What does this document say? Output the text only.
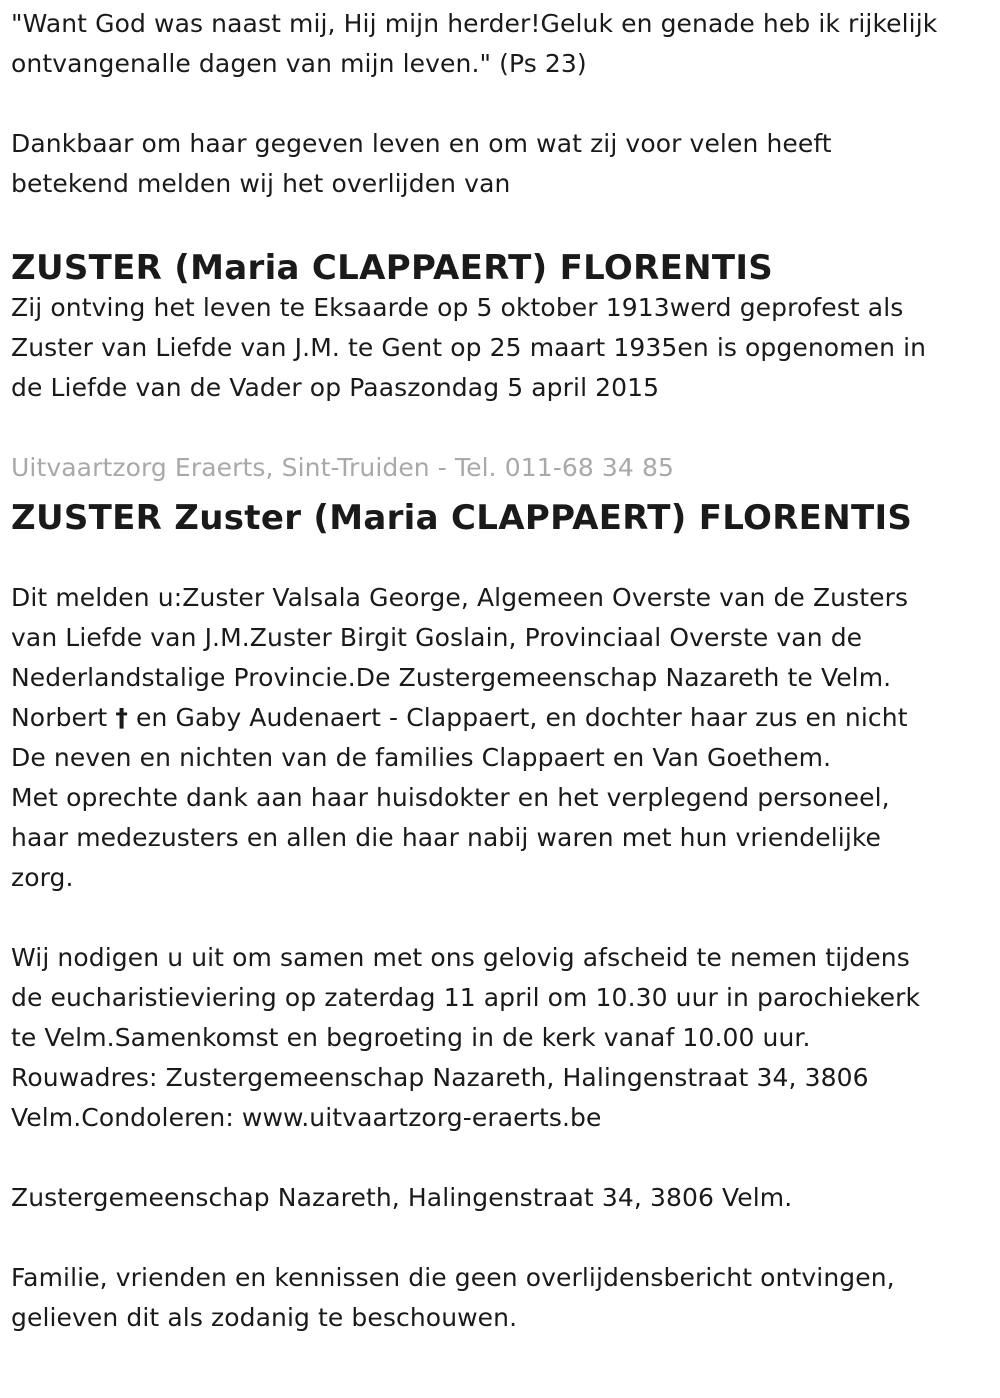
"Want God was naast mij, Hij mijn herder!Geluk en genade heb ik rijkelijk
ontvangenalle dagen van mijn leven." (Ps 23)

Dankbaar om haar gegeven leven en om wat zij voor velen heeft
betekend melden wij het overlijden van

ZUSTER (Maria CLAPPAERT) FLORENTIS

Zij ontving het leven te Eksaarde op 5 oktober 1913werd geprofest als
Zuster van Liefde van J.M. te Gent op 25 maart 1935en is opgenomen in
de Liefde van de Vader op Paaszondag 5 april 2015

Uitvaartzorg Eraerts, Sint-Truiden - Tel. 011-68 34 85

ZUSTER Zuster (Maria CLAPPAERT) FLORENTIS

Dit melden u:Zuster Valsala George, Algemeen Overste van de Zusters
van Liefde van J.M.Zuster Birgit Goslain, Provinciaal Overste van de
Nederlandstalige Provincie.De Zustergemeenschap Nazareth te Velm.
Norbert † en Gaby Audenaert - Clappaert, en dochter haar zus en nicht
De neven en nichten van de families Clappaert en Van Goethem.
Met oprechte dank aan haar huisdokter en het verplegend personeel,
haar medezusters en allen die haar nabij waren met hun vriendelijke
zorg.

Wij nodigen u uit om samen met ons gelovig afscheid te nemen tijdens
de eucharistieviering op zaterdag 11 april om 10.30 uur in parochiekerk
te Velm.Samenkomst en begroeting in de kerk vanaf 10.00 uur.
Rouwadres: Zustergemeenschap Nazareth, Halingenstraat 34, 3806
Velm.Condoleren: www.uitvaartzorg-eraerts.be

Zustergemeenschap Nazareth, Halingenstraat 34, 3806 Velm.

Familie, vrienden en kennissen die geen overlijdensbericht ontvingen,
gelieven dit als zodanig te beschouwen.
